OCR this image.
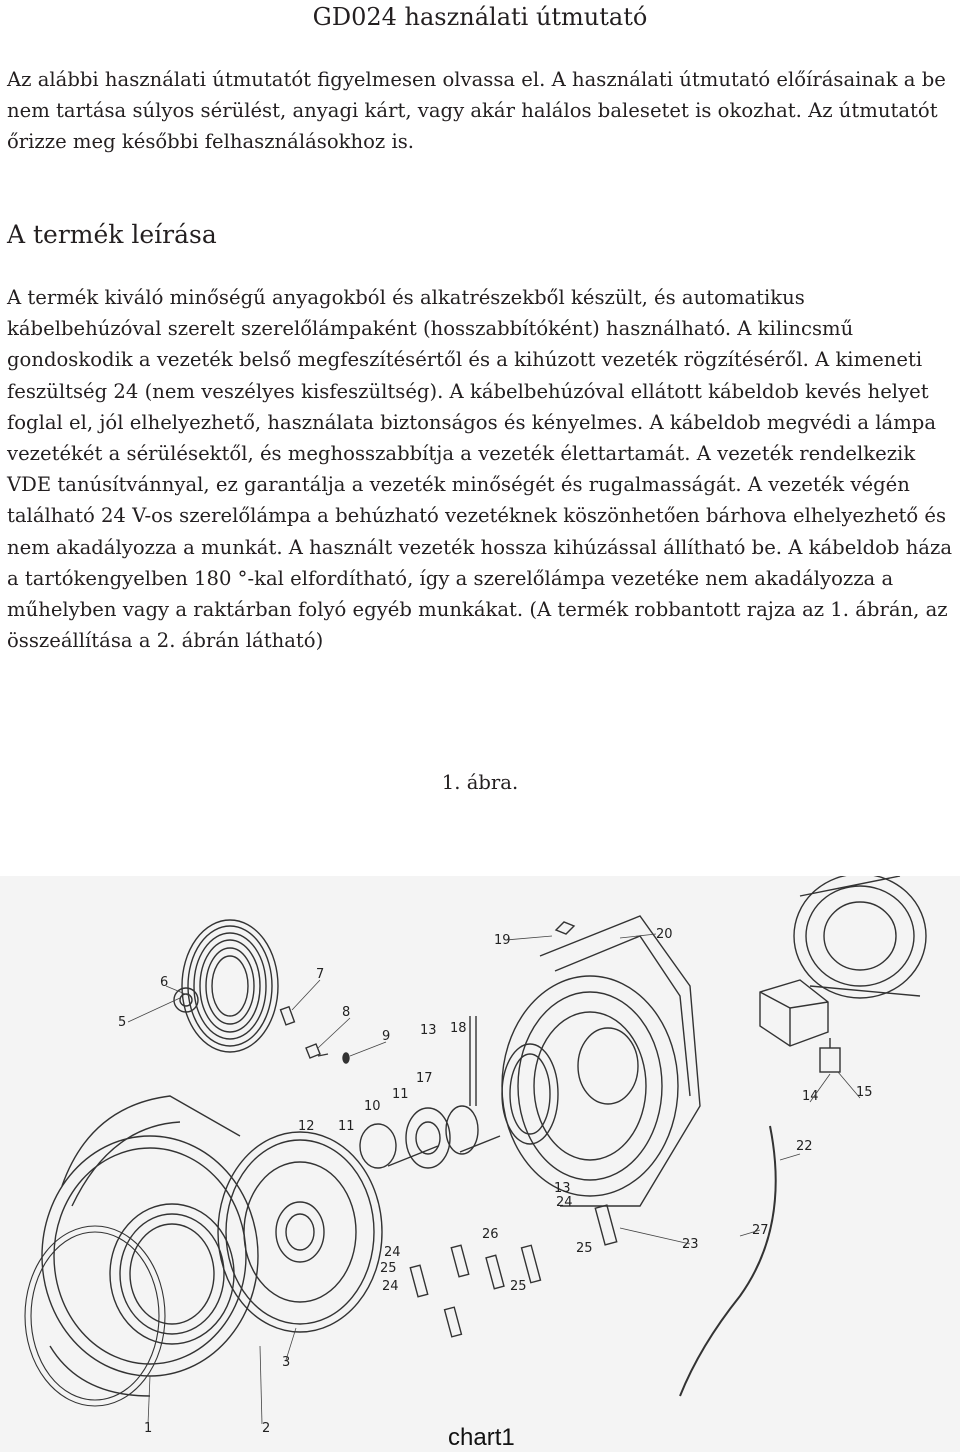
GD024 használati útmutató

Az alábbi használati útmutatót figyelmesen olvassa el. A használati útmutató előírásainak a be nem tartása súlyos sérülést, anyagi kárt, vagy akár halálos balesetet is okozhat. Az útmutatót őrizze meg későbbi felhasználásokhoz is.

A termék leírása

A termék kiváló minőségű anyagokból és alkatrészekből készült, és automatikus kábelbehúzóval szerelt szerelőlámpaként (hosszabbítóként) használható. A kilincsmű gondoskodik a vezeték belső megfeszítésértől és a kihúzott vezeték rögzítéséről. A kimeneti feszültség 24 (nem veszélyes kisfeszültség). A kábelbehúzóval ellátott kábeldob kevés helyet foglal el, jól elhelyezhető, használata biztonságos és kényelmes. A kábeldob megvédi a lámpa vezetékét a sérülésektől, és meghosszabbítja a vezeték élettartamát. A vezeték rendelkezik VDE tanúsítvánnyal, ez garantálja a vezeték minőségét és rugalmasságát. A vezeték végén található 24 V-os szerelőlámpa a behúzható vezetéknek köszönhetően bárhova elhelyezhető és nem akadályozza a munkát. A használt vezeték hossza kihúzással állítható be. A kábeldob háza a tartókengyelben 180 °-kal elfordítható, így a szerelőlámpa vezetéke nem akadályozza a műhelyben vagy a raktárban folyó egyéb munkákat. (A termék robbantott rajza az 1. ábrán, az összeállítása a 2. ábrán látható)

1. ábra.
19	20
7
6
5
8
9 13 18
17
11
10
12 11
14	15
22
13
24
27
26
23
25
24
25
24	25
3
1	2	chart1
